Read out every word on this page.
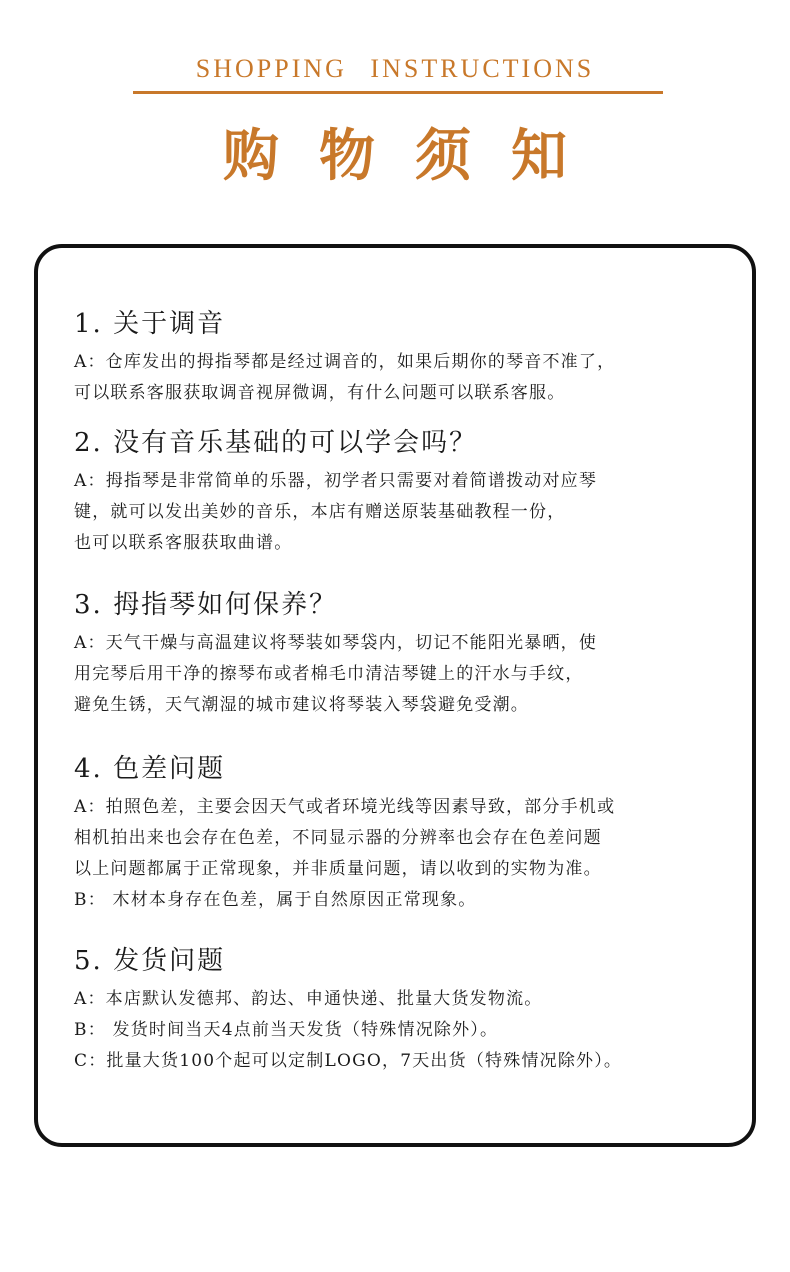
SHOPPING INSTRUCTIONS
购物须知
1. 关于调音
A：仓库发出的拇指琴都是经过调音的，如果后期你的琴音不准了，
可以联系客服获取调音视屏微调，有什么问题可以联系客服。
2. 没有音乐基础的可以学会吗？
A：拇指琴是非常简单的乐器，初学者只需要对着简谱拨动对应琴
键，就可以发出美妙的音乐，本店有赠送原装基础教程一份，
也可以联系客服获取曲谱。
3. 拇指琴如何保养？
A：天气干燥与高温建议将琴装如琴袋内，切记不能阳光暴晒，使
用完琴后用干净的擦琴布或者棉毛巾清洁琴键上的汗水与手纹，
避免生锈，天气潮湿的城市建议将琴装入琴袋避免受潮。
4. 色差问题
A：拍照色差，主要会因天气或者环境光线等因素导致，部分手机或
相机拍出来也会存在色差，不同显示器的分辨率也会存在色差问题
以上问题都属于正常现象，并非质量问题，请以收到的实物为准。
B： 木材本身存在色差，属于自然原因正常现象。
5. 发货问题
A：本店默认发德邦、韵达、申通快递、批量大货发物流。
B： 发货时间当天4点前当天发货（特殊情况除外）。
C：批量大货100个起可以定制LOGO，7天出货（特殊情况除外）。
